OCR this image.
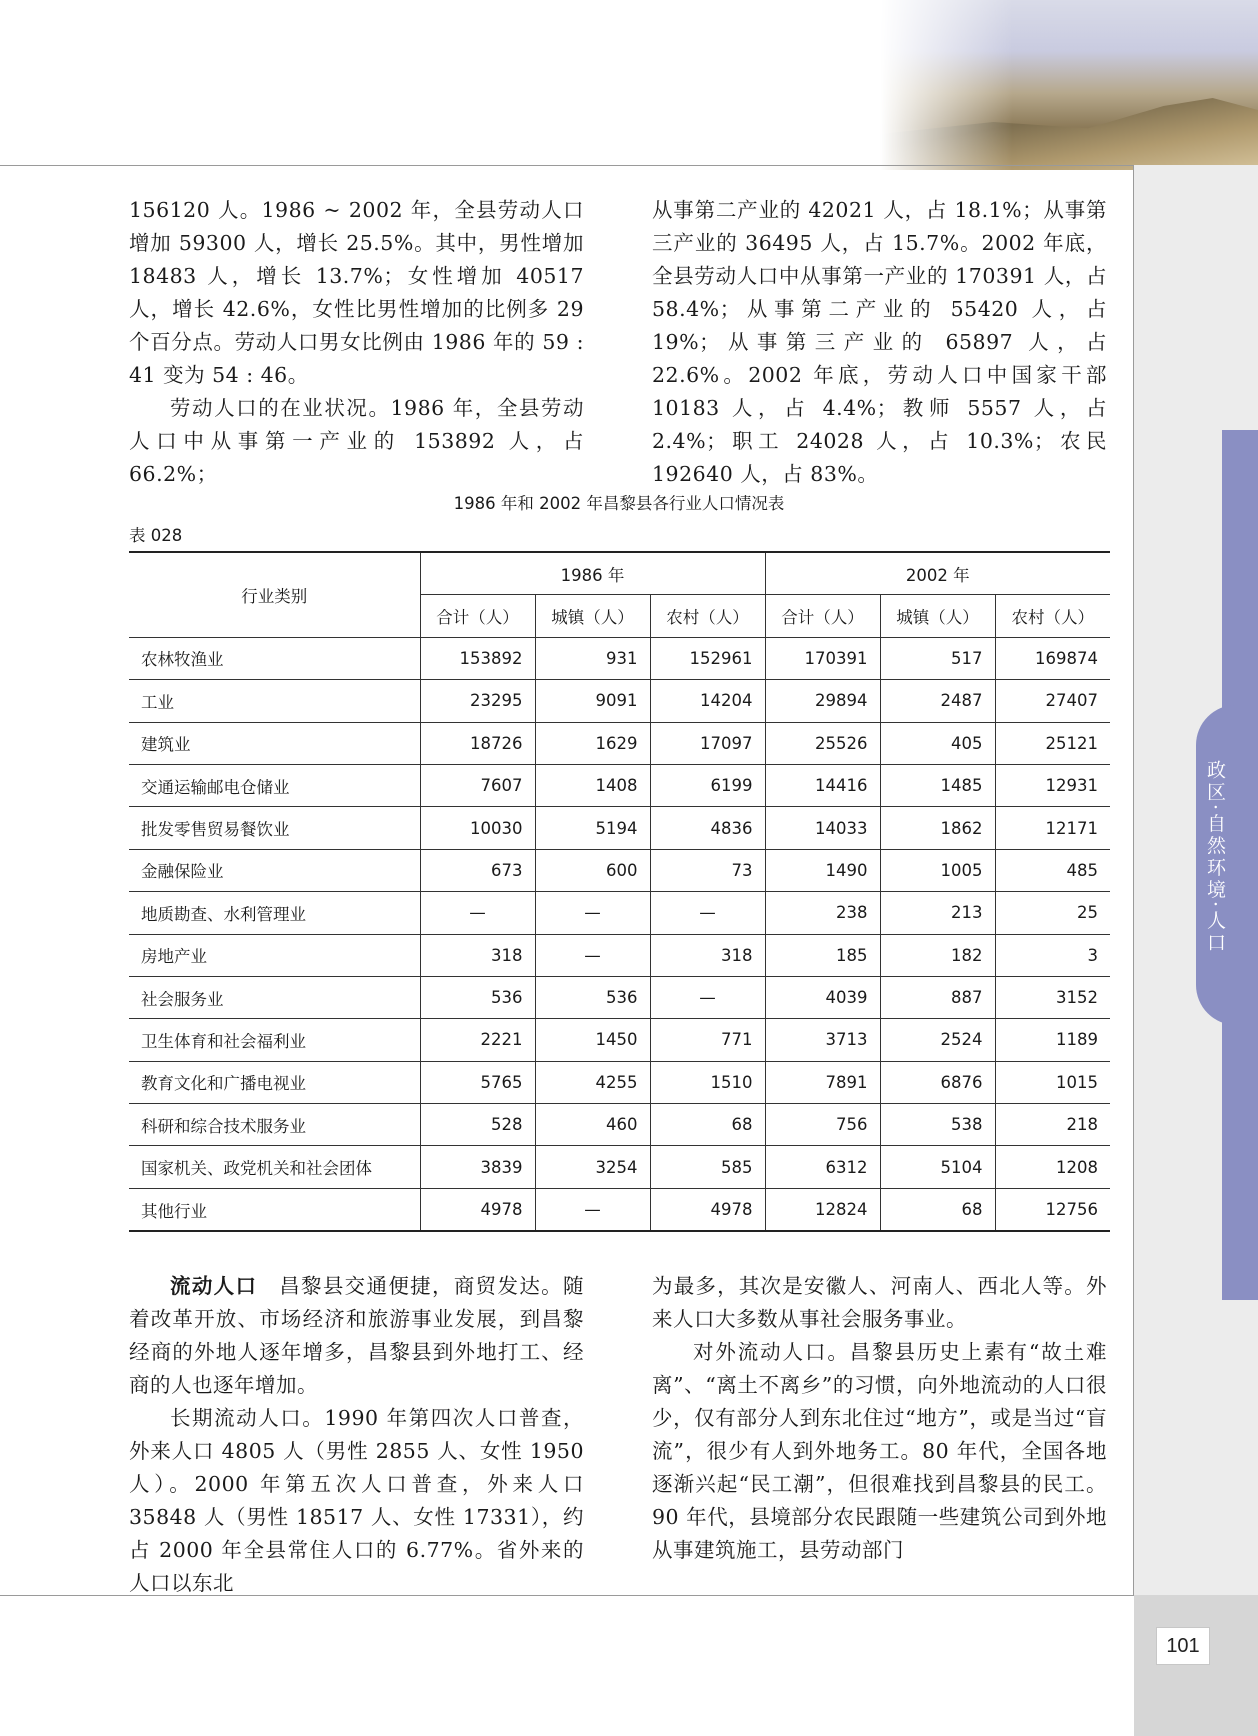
政区·自然环境·人口
101

156120 人。1986 ~ 2002 年，全县劳动人口增加 59300 人，增长 25.5%。其中，男性增加 18483 人，增长 13.7%；女性增加 40517 人，增长 42.6%，女性比男性增加的比例多 29 个百分点。劳动人口男女比例由 1986 年的 59 : 41 变为 54 : 46。

劳动人口的在业状况。1986 年，全县劳动人口中从事第一产业的 153892 人，占 66.2%；

从事第二产业的 42021 人，占 18.1%；从事第三产业的 36495 人，占 15.7%。2002 年底，全县劳动人口中从事第一产业的 170391 人，占 58.4%；从事第二产业的 55420 人，占 19%；从事第三产业的 65897 人，占 22.6%。2002 年底，劳动人口中国家干部 10183 人，占 4.4%；教师 5557 人，占 2.4%；职工 24028 人，占 10.3%；农民 192640 人，占 83%。

1986 年和 2002 年昌黎县各行业人口情况表
表 028
行业类别	1986 年			2002 年		
	合计（人）	城镇（人）	农村（人）	合计（人）	城镇（人）	农村（人）
农林牧渔业	153892	931	152961	170391	517	169874
工业	23295	9091	14204	29894	2487	27407
建筑业	18726	1629	17097	25526	405	25121
交通运输邮电仓储业	7607	1408	6199	14416	1485	12931
批发零售贸易餐饮业	10030	5194	4836	14033	1862	12171
金融保险业	673	600	73	1490	1005	485
地质勘查、水利管理业	—	—	—	238	213	25
房地产业	318	—	318	185	182	3
社会服务业	536	536	—	4039	887	3152
卫生体育和社会福利业	2221	1450	771	3713	2524	1189
教育文化和广播电视业	5765	4255	1510	7891	6876	1015
科研和综合技术服务业	528	460	68	756	538	218
国家机关、政党机关和社会团体	3839	3254	585	6312	5104	1208
其他行业	4978	—	4978	12824	68	12756

流动人口　 昌黎县交通便捷，商贸发达。随着改革开放、市场经济和旅游事业发展，到昌黎经商的外地人逐年增多，昌黎县到外地打工、经商的人也逐年增加。

长期流动人口。1990 年第四次人口普查，外来人口 4805 人（男性 2855 人、女性 1950 人）。2000 年第五次人口普查，外来人口 35848 人（男性 18517 人、女性 17331），约占 2000 年全县常住人口的 6.77%。省外来的人口以东北

为最多，其次是安徽人、河南人、西北人等。外来人口大多数从事社会服务事业。

对外流动人口。昌黎县历史上素有“故土难离”、“离土不离乡”的习惯，向外地流动的人口很少，仅有部分人到东北住过“地方”，或是当过“盲流”，很少有人到外地务工。80 年代，全国各地逐渐兴起“民工潮”，但很难找到昌黎县的民工。90 年代，县境部分农民跟随一些建筑公司到外地从事建筑施工，县劳动部门
